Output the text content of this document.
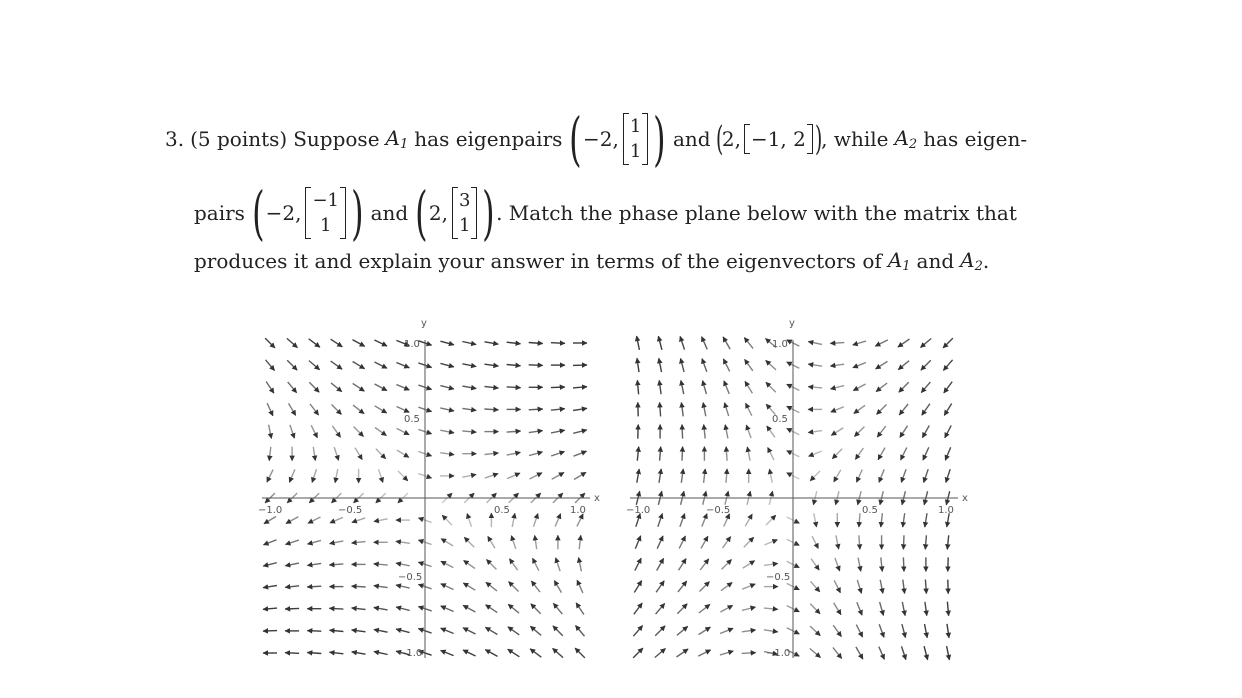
3. (5 points) Suppose $A_1$ has eigenpairs ( −2,
1
1 ) and (
2, −1, 2 )
, while $A_2$ has eigen-
pairs ( −2,
−1
1 ) and ( 2,
3
1 ) . Match the phase plane below with the matrix that
produces it and explain your answer in terms of the eigenvectors of $A_1$ and $A_2$ .
x
y
−1.0	−0.5	0.5	1.0
1.0
0.5
−0.5
−1.0
x
y
−1.0	−0.5	0.5	1.0
1.0
0.5
−0.5
−1.0
